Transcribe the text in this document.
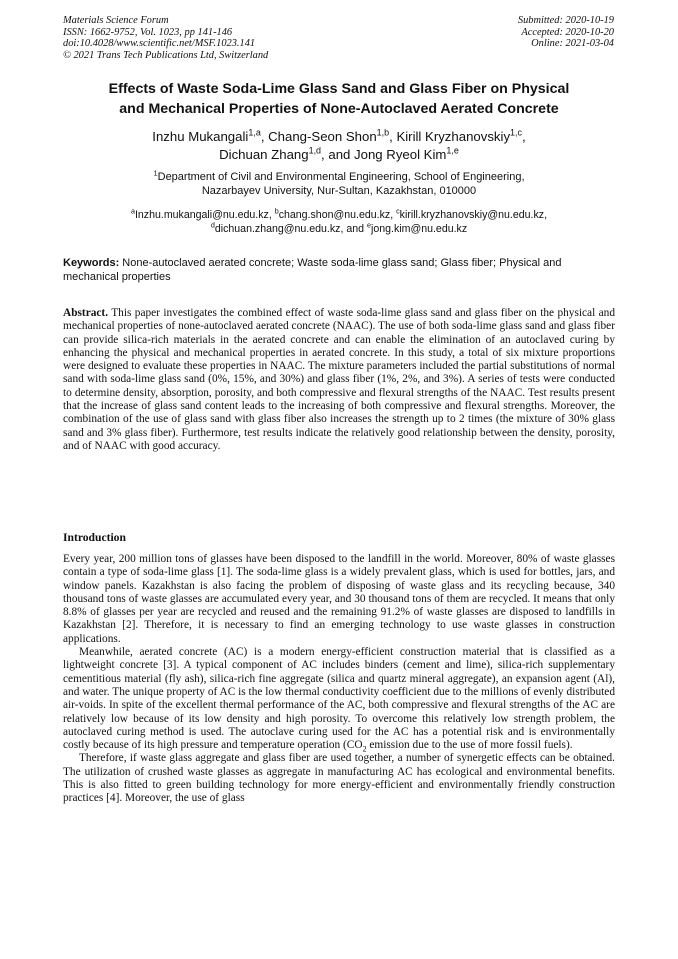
Materials Science Forum
ISSN: 1662-9752, Vol. 1023, pp 141-146
doi:10.4028/www.scientific.net/MSF.1023.141
© 2021 Trans Tech Publications Ltd, Switzerland
Submitted: 2020-10-19
Accepted: 2020-10-20
Online: 2021-03-04
Effects of Waste Soda-Lime Glass Sand and Glass Fiber on Physical
and Mechanical Properties of None-Autoclaved Aerated Concrete
Inzhu Mukangali$^{1,a}$, Chang-Seon Shon$^{1,b}$, Kirill Kryzhanovskiy$^{1,c}$,
Dichuan Zhang$^{1,d}$, and Jong Ryeol Kim$^{1,e}$
$^1$Department of Civil and Environmental Engineering, School of Engineering,
Nazarbayev University, Nur-Sultan, Kazakhstan, 010000
$^a$Inzhu.mukangali@nu.edu.kz, $^b$chang.shon@nu.edu.kz, $^c$kirill.kryzhanovskiy@nu.edu.kz,
$^d$dichuan.zhang@nu.edu.kz, and $^e$jong.kim@nu.edu.kz
Keywords: None-autoclaved aerated concrete; Waste soda-lime glass sand; Glass fiber; Physical and mechanical properties
Abstract. This paper investigates the combined effect of waste soda-lime glass sand and glass fiber on the physical and mechanical properties of none-autoclaved aerated concrete (NAAC). The use of both soda-lime glass sand and glass fiber can provide silica-rich materials in the aerated concrete and can enable the elimination of an autoclaved curing by enhancing the physical and mechanical properties in aerated concrete. In this study, a total of six mixture proportions were designed to evaluate these properties in NAAC. The mixture parameters included the partial substitutions of normal sand with soda-lime glass sand (0%, 15%, and 30%) and glass fiber (1%, 2%, and 3%). A series of tests were conducted to determine density, absorption, porosity, and both compressive and flexural strengths of the NAAC. Test results present that the increase of glass sand content leads to the increasing of both compressive and flexural strengths. Moreover, the combination of the use of glass sand with glass fiber also increases the strength up to 2 times (the mixture of 30% glass sand and 3% glass fiber). Furthermore, test results indicate the relatively good relationship between the density, porosity, and of NAAC with good accuracy.
Introduction

Every year, 200 million tons of glasses have been disposed to the landfill in the world. Moreover, 80% of waste glasses contain a type of soda-lime glass [1]. The soda-lime glass is a widely prevalent glass, which is used for bottles, jars, and window panels. Kazakhstan is also facing the problem of disposing of waste glass and its recycling because, 340 thousand tons of waste glasses are accumulated every year, and 30 thousand tons of them are recycled. It means that only 8.8% of glasses per year are recycled and reused and the remaining 91.2% of waste glasses are disposed to landfills in Kazakhstan [2]. Therefore, it is necessary to find an emerging technology to use waste glasses in construction applications.

Meanwhile, aerated concrete (AC) is a modern energy-efficient construction material that is classified as a lightweight concrete [3]. A typical component of AC includes binders (cement and lime), silica-rich supplementary cementitious material (fly ash), silica-rich fine aggregate (silica and quartz mineral aggregate), an expansion agent (Al), and water. The unique property of AC is the low thermal conductivity coefficient due to the millions of evenly distributed air-voids. In spite of the excellent thermal performance of the AC, both compressive and flexural strengths of the AC are relatively low because of its low density and high porosity. To overcome this relatively low strength problem, the autoclaved curing method is used. The autoclave curing used for the AC has a potential risk and is environmentally costly because of its high pressure and temperature operation ($CO_2$ emission due to the use of more fossil fuels).

Therefore, if waste glass aggregate and glass fiber are used together, a number of synergetic effects can be obtained. The utilization of crushed waste glasses as aggregate in manufacturing AC has ecological and environmental benefits. This is also fitted to green building technology for more energy-efficient and environmentally friendly construction practices [4]. Moreover, the use of glass
